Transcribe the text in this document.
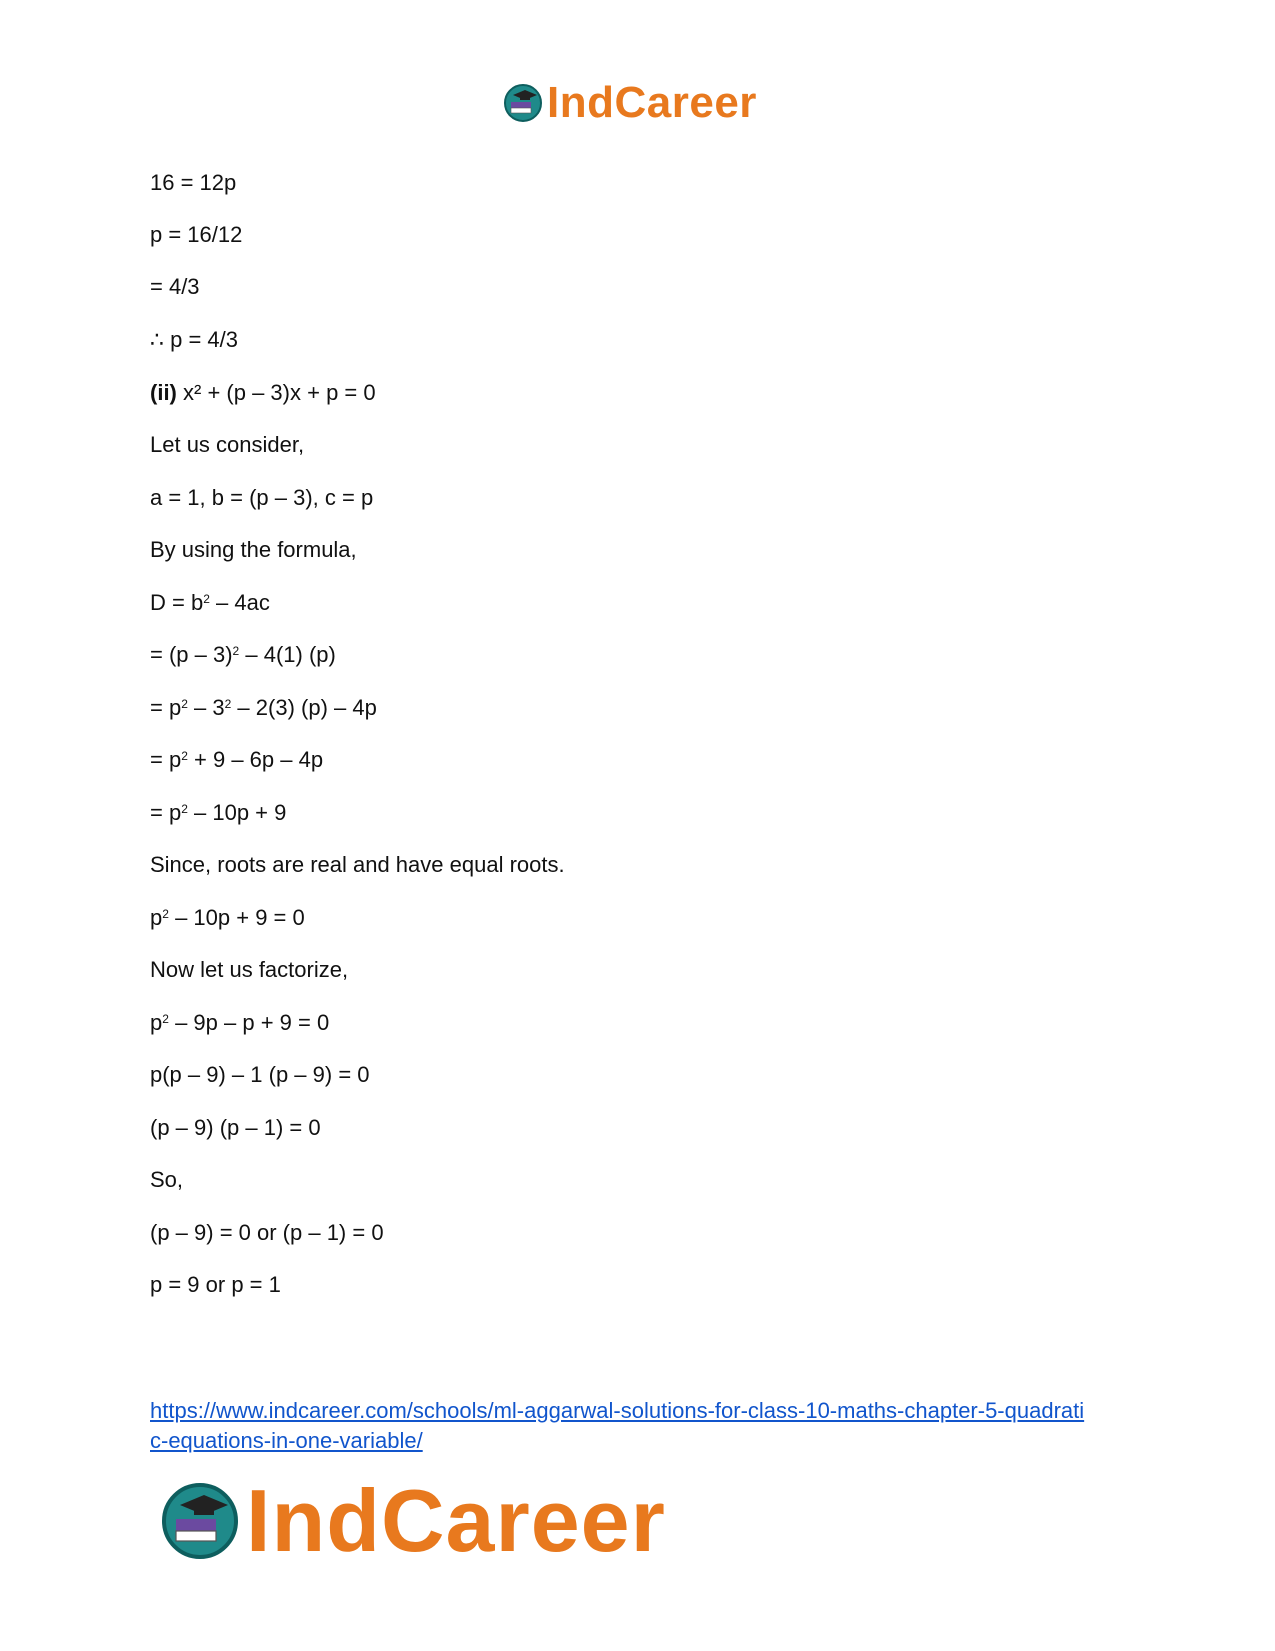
IndCareer
16 = 12p
p = 16/12
= 4/3
∴ p = 4/3
(ii) x² + (p – 3)x + p = 0
Let us consider,
a = 1, b = (p – 3), c = p
By using the formula,
$D = b^2 - 4ac$
= (p – 3)$^2$ – 4(1) (p)
= $p^2 - 3^2 - 2(3)$ (p) – 4p
= $p^2 + 9 - 6p - 4p$
= $p^2 - 10p + 9$
Since, roots are real and have equal roots.
$p^2 - 10p + 9 = 0$
Now let us factorize,
$p^2 - 9p - p + 9 = 0$
p(p – 9) – 1 (p – 9) = 0
(p – 9) (p – 1) = 0
So,
(p – 9) = 0 or (p – 1) = 0
p = 9 or p = 1
https://www.indcareer.com/schools/ml-aggarwal-solutions-for-class-10-maths-chapter-5-quadrati
c-equations-in-one-variable/
IndCareer
